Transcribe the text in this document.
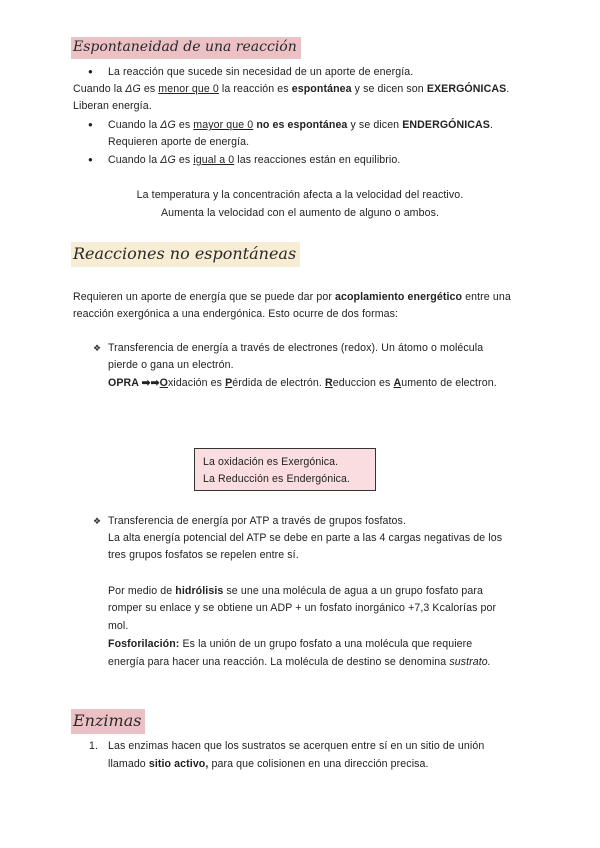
Espontaneidad de una reacción
● La reacción que sucede sin necesidad de un aporte de energía.
Cuando la ΔG es menor que 0 la reacción es espontánea y se dicen son EXERGÓNICAS.
Liberan energía.
● Cuando la ΔG es mayor que 0 no es espontánea y se dicen ENDERGÓNICAS.
Requieren aporte de energía.
● Cuando la ΔG es igual a 0 las reacciones están en equilibrio.
La temperatura y la concentración afecta a la velocidad del reactivo.
Aumenta la velocidad con el aumento de alguno o ambos.
Reacciones no espontáneas
Requieren un aporte de energía que se puede dar por acoplamiento energético entre una
reacción exergónica a una endergónica. Esto ocurre de dos formas:
❖ Transferencia de energía a través de electrones (redox). Un átomo o molécula
pierde o gana un electrón.
OPRA ➡➡Oxidación es Pérdida de electrón. Reduccion es Aumento de electron.
La oxidación es Exergónica.
La Reducción es Endergónica.
❖ Transferencia de energía por ATP a través de grupos fosfatos.
La alta energía potencial del ATP se debe en parte a las 4 cargas negativas de los
tres grupos fosfatos se repelen entre sí.
Por medio de hidrólisis se une una molécula de agua a un grupo fosfato para
romper su enlace y se obtiene un ADP + un fosfato inorgánico +7,3 Kcalorías por
mol.
Fosforilación: Es la unión de un grupo fosfato a una molécula que requiere
energía para hacer una reacción. La molécula de destino se denomina sustrato.
Enzimas
1. Las enzimas hacen que los sustratos se acerquen entre sí en un sitio de unión
llamado sitio activo, para que colisionen en una dirección precisa.
